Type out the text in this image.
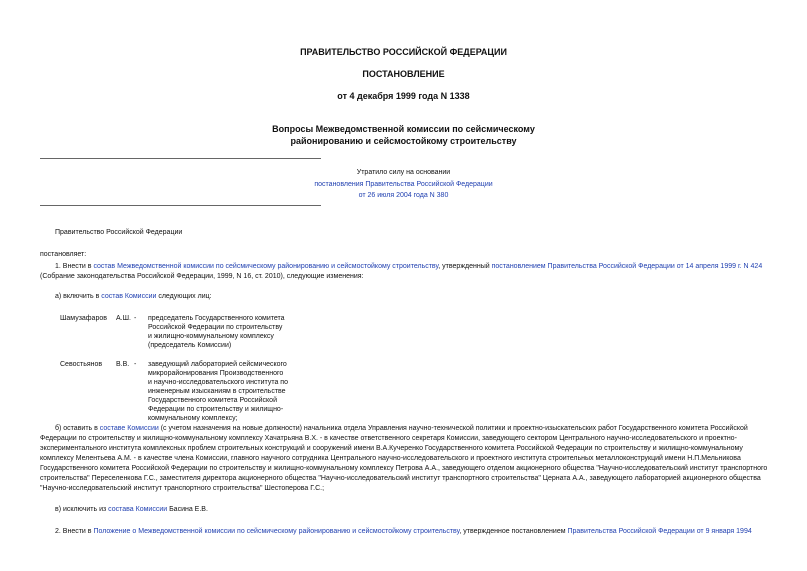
ПРАВИТЕЛЬСТВО РОССИЙСКОЙ ФЕДЕРАЦИИ
ПОСТАНОВЛЕНИЕ
от 4 декабря 1999 года N 1338
Вопросы Межведомственной комиссии по сейсмическому
районированию и сейсмостойкому строительству
Утратило силу на основании
постановления Правительства Российской Федерации
от 26 июля 2004 года N 380
Правительство Российской Федерации
постановляет:
1. Внести в состав Межведомственной комиссии по сейсмическому районированию и сейсмостойкому строительству, утвержденный постановлением Правительства Российской Федерации от 14 апреля 1999 г. N 424 (Собрание законодательства Российской Федерации, 1999, N 16, ст. 2010), следующие изменения:
а) включить в состав Комиссии следующих лиц:
Шамузафаров	А.Ш.	-	председатель Государственного комитета Российской Федерации по строительству и жилищно-коммунальному комплексу (председатель Комиссии)
Севостьянов	В.В.	-	заведующий лабораторией сейсмического микрорайонирования Производственного и научно-исследовательского института по инженерным изысканиям в строительстве Государственного комитета Российской Федерации по строительству и жилищно-коммунальному комплексу;
б) оставить в составе Комиссии (с учетом назначения на новые должности) начальника отдела Управления научно-технической политики и проектно-изыскательских работ Государственного комитета Российской Федерации по строительству и жилищно-коммунальному комплексу Хачатрьяна В.Х. - в качестве ответственного секретаря Комиссии, заведующего сектором Центрального научно-исследовательского и проектно-экспериментального института комплексных проблем строительных конструкций и сооружений имени В.А.Кучеренко Государственного комитета Российской Федерации по строительству и жилищно-коммунальному комплексу Мелентьева А.М. - в качестве члена Комиссии, главного научного сотрудника Центрального научно-исследовательского и проектного института строительных металлоконструкций имени Н.П.Мельникова Государственного комитета Российской Федерации по строительству и жилищно-коммунальному комплексу Петрова А.А., заведующего отделом акционерного общества "Научно-исследовательский институт транспортного строительства" Переселенкова Г.С., заместителя директора акционерного общества "Научно-исследовательский институт транспортного строительства" Церната А.А., заведующего лабораторией акционерного общества "Научно-исследовательский институт транспортного строительства" Шестоперова Г.С.;
в) исключить из состава Комиссии Басина Е.В.
2. Внести в Положение о Межведомственной комиссии по сейсмическому районированию и сейсмостойкому строительству, утвержденное постановлением Правительства Российской Федерации от 9 января 1994
